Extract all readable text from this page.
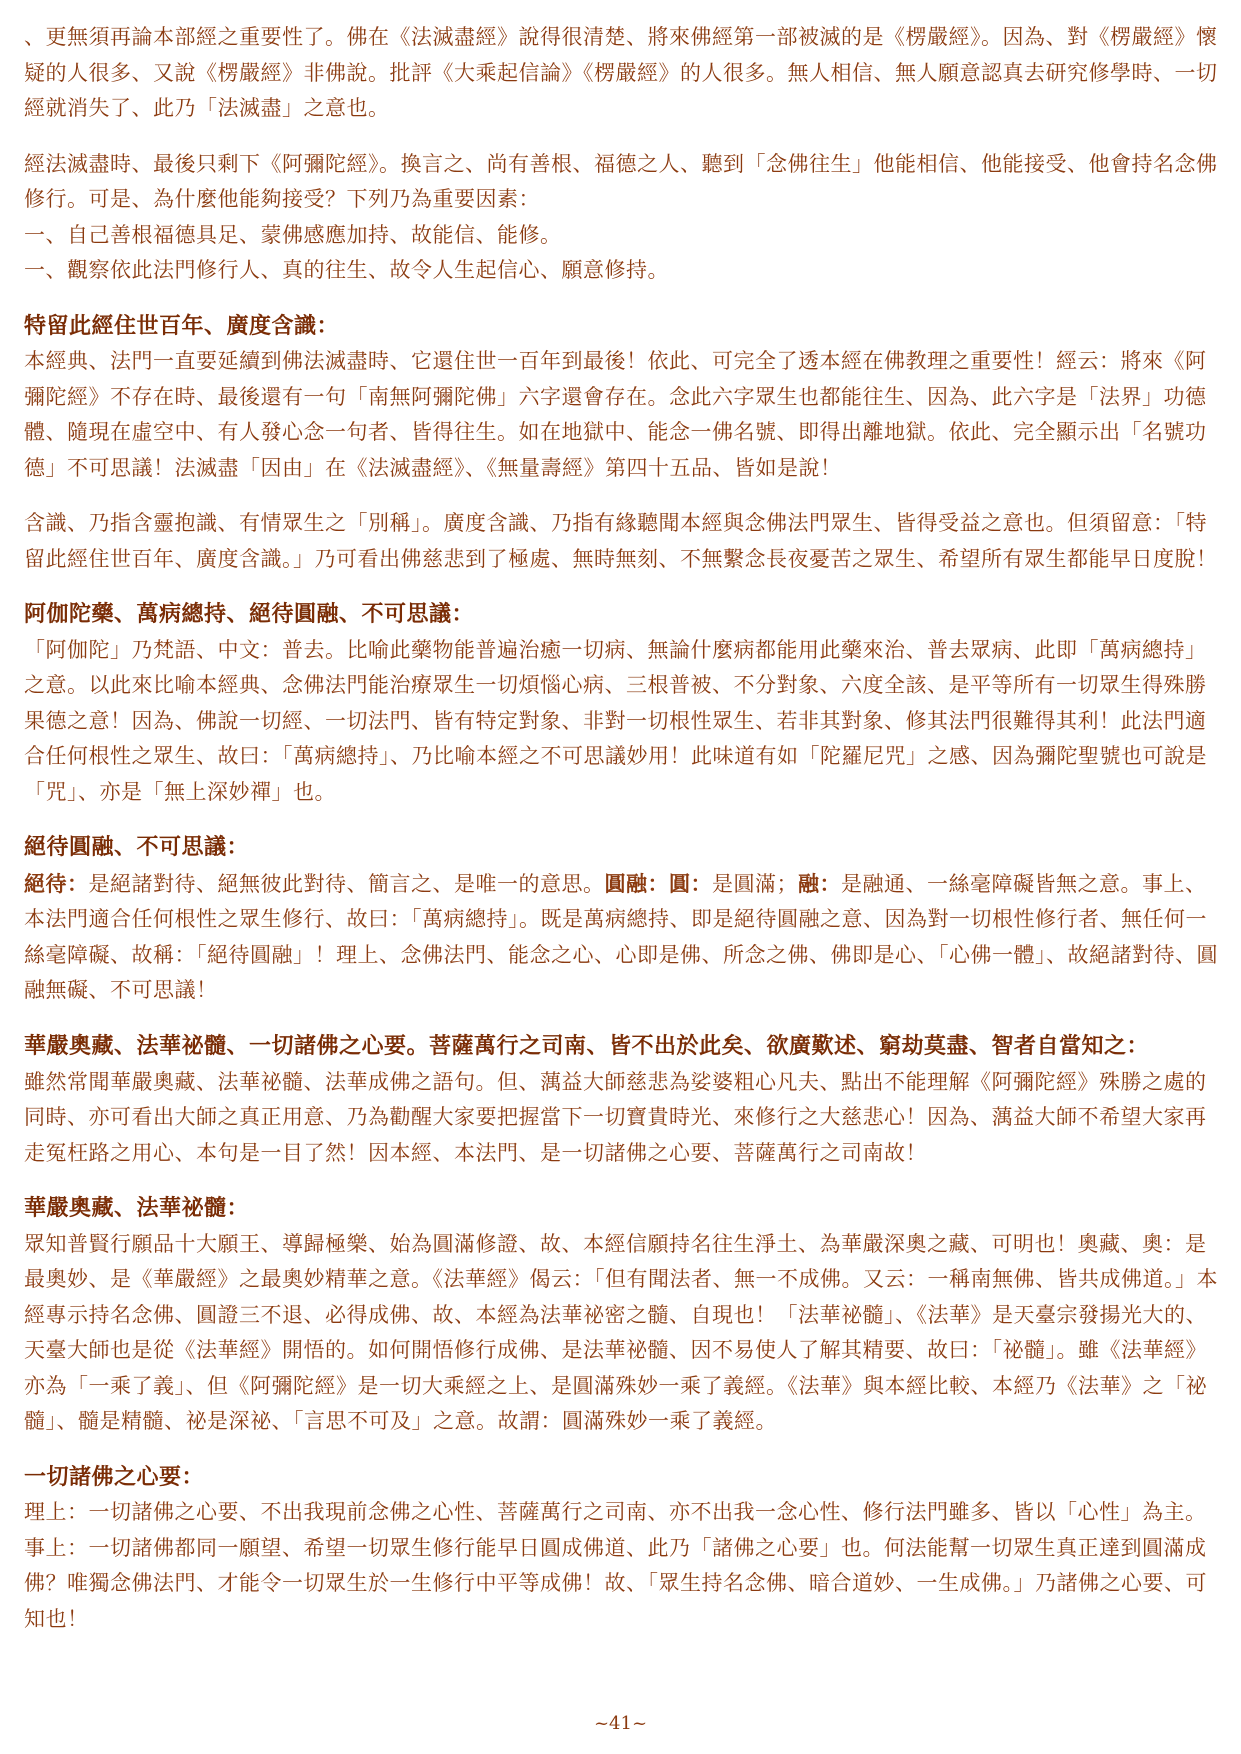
、更無須再論本部經之重要性了。佛在《法滅盡經》說得很清楚、將來佛經第一部被滅的是《楞嚴經》。因為、對《楞嚴經》懷疑的人很多、又說《楞嚴經》非佛說。批評《大乘起信論》《楞嚴經》的人很多。無人相信、無人願意認真去研究修學時、一切經就消失了、此乃「法滅盡」之意也。

經法滅盡時、最後只剩下《阿彌陀經》。換言之、尚有善根、福德之人、聽到「念佛往生」他能相信、他能接受、他會持名念佛修行。可是、為什麼他能夠接受？下列乃為重要因素：
一、自己善根福德具足、蒙佛感應加持、故能信、能修。
一、觀察依此法門修行人、真的往生、故令人生起信心、願意修持。

特留此經住世百年、廣度含識：

本經典、法門一直要延續到佛法滅盡時、它還住世一百年到最後！依此、可完全了透本經在佛教理之重要性！經云：將來《阿彌陀經》不存在時、最後還有一句「南無阿彌陀佛」六字還會存在。念此六字眾生也都能往生、因為、此六字是「法界」功德體、隨現在虛空中、有人發心念一句者、皆得往生。如在地獄中、能念一佛名號、即得出離地獄。依此、完全顯示出「名號功德」不可思議！法滅盡「因由」在《法滅盡經》、《無量壽經》第四十五品、皆如是說！

含識、乃指含靈抱識、有情眾生之「別稱」。廣度含識、乃指有緣聽聞本經與念佛法門眾生、皆得受益之意也。但須留意：「特留此經住世百年、廣度含識。」乃可看出佛慈悲到了極處、無時無刻、不無繫念長夜憂苦之眾生、希望所有眾生都能早日度脫！

阿伽陀藥、萬病總持、絕待圓融、不可思議：

「阿伽陀」乃梵語、中文：普去。比喻此藥物能普遍治癒一切病、無論什麼病都能用此藥來治、普去眾病、此即「萬病總持」之意。以此來比喻本經典、念佛法門能治療眾生一切煩惱心病、三根普被、不分對象、六度全該、是平等所有一切眾生得殊勝果德之意！因為、佛說一切經、一切法門、皆有特定對象、非對一切根性眾生、若非其對象、修其法門很難得其利！此法門適合任何根性之眾生、故曰：「萬病總持」、乃比喻本經之不可思議妙用！此味道有如「陀羅尼咒」之感、因為彌陀聖號也可說是「咒」、亦是「無上深妙禪」也。

絕待圓融、不可思議：

絕待：是絕諸對待、絕無彼此對待、簡言之、是唯一的意思。圓融：圓：是圓滿；融：是融通、一絲毫障礙皆無之意。事上、本法門適合任何根性之眾生修行、故曰：「萬病總持」。既是萬病總持、即是絕待圓融之意、因為對一切根性修行者、無任何一絲毫障礙、故稱：「絕待圓融」！理上、念佛法門、能念之心、心即是佛、所念之佛、佛即是心、「心佛一體」、故絕諸對待、圓融無礙、不可思議！

華嚴奧藏、法華祕髓、一切諸佛之心要。菩薩萬行之司南、皆不出於此矣、欲廣歎述、窮劫莫盡、智者自當知之：

雖然常聞華嚴奧藏、法華祕髓、法華成佛之語句。但、蕅益大師慈悲為娑婆粗心凡夫、點出不能理解《阿彌陀經》殊勝之處的同時、亦可看出大師之真正用意、乃為勸醒大家要把握當下一切寶貴時光、來修行之大慈悲心！因為、蕅益大師不希望大家再走冤枉路之用心、本句是一目了然！因本經、本法門、是一切諸佛之心要、菩薩萬行之司南故！

華嚴奧藏、法華祕髓：

眾知普賢行願品十大願王、導歸極樂、始為圓滿修證、故、本經信願持名往生淨土、為華嚴深奧之藏、可明也！奧藏、奧：是最奧妙、是《華嚴經》之最奧妙精華之意。《法華經》偈云：「但有聞法者、無一不成佛。又云：一稱南無佛、皆共成佛道。」本經專示持名念佛、圓證三不退、必得成佛、故、本經為法華祕密之髓、自現也！「法華祕髓」、《法華》是天臺宗發揚光大的、天臺大師也是從《法華經》開悟的。如何開悟修行成佛、是法華祕髓、因不易使人了解其精要、故曰：「祕髓」。雖《法華經》亦為「一乘了義」、但《阿彌陀經》是一切大乘經之上、是圓滿殊妙一乘了義經。《法華》與本經比較、本經乃《法華》之「祕髓」、髓是精髓、祕是深祕、「言思不可及」之意。故謂：圓滿殊妙一乘了義經。

一切諸佛之心要：

理上：一切諸佛之心要、不出我現前念佛之心性、菩薩萬行之司南、亦不出我一念心性、修行法門雖多、皆以「心性」為主。事上：一切諸佛都同一願望、希望一切眾生修行能早日圓成佛道、此乃「諸佛之心要」也。何法能幫一切眾生真正達到圓滿成佛？唯獨念佛法門、才能令一切眾生於一生修行中平等成佛！故、「眾生持名念佛、暗合道妙、一生成佛。」乃諸佛之心要、可知也！

~41~
